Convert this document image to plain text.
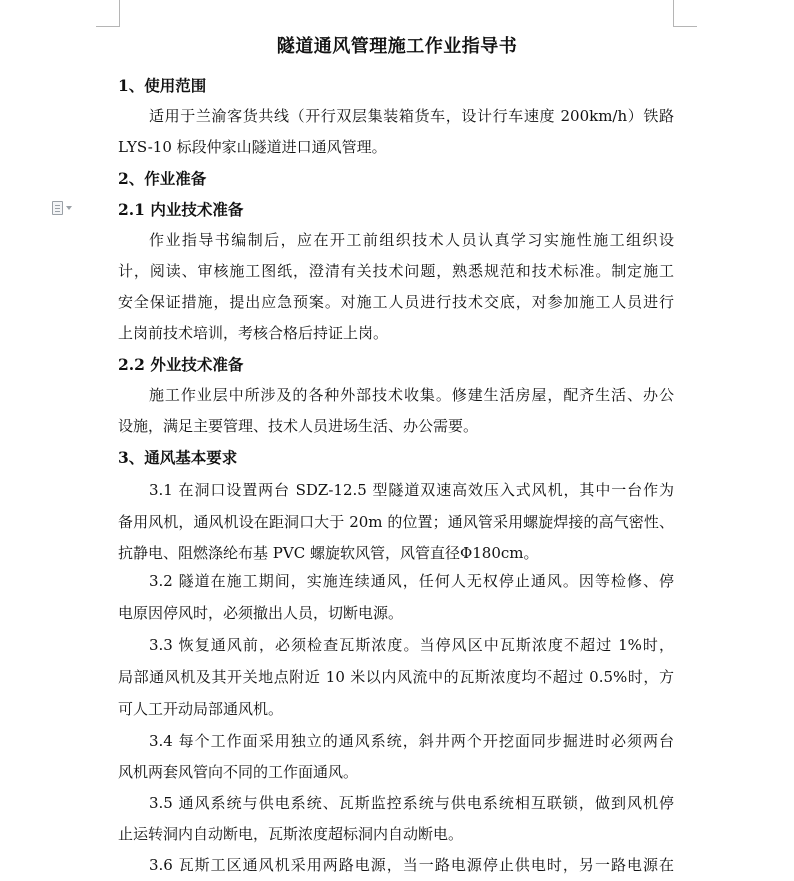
隧道通风管理施工作业指导书
1、使用范围
适用于兰渝客货共线（开行双层集装箱货车，设计行车速度 200km/h）铁路
LYS-10 标段仲家山隧道进口通风管理。
2、作业准备
2.1 内业技术准备
作业指导书编制后，应在开工前组织技术人员认真学习实施性施工组织设
计，阅读、审核施工图纸，澄清有关技术问题，熟悉规范和技术标准。制定施工
安全保证措施，提出应急预案。对施工人员进行技术交底，对参加施工人员进行
上岗前技术培训，考核合格后持证上岗。
2.2 外业技术准备
施工作业层中所涉及的各种外部技术收集。修建生活房屋，配齐生活、办公
设施，满足主要管理、技术人员进场生活、办公需要。
3、通风基本要求
3.1 在洞口设置两台 SDZ-12.5 型隧道双速高效压入式风机，其中一台作为
备用风机，通风机设在距洞口大于 20m 的位置；通风管采用螺旋焊接的高气密性、
抗静电、阻燃涤纶布基 PVC 螺旋软风管，风管直径Φ180cm。
3.2 隧道在施工期间，实施连续通风，任何人无权停止通风。因等检修、停
电原因停风时，必须撤出人员，切断电源。
3.3 恢复通风前，必须检查瓦斯浓度。当停风区中瓦斯浓度不超过 1%时，
局部通风机及其开关地点附近 10 米以内风流中的瓦斯浓度均不超过 0.5%时，方
可人工开动局部通风机。
3.4 每个工作面采用独立的通风系统，斜井两个开挖面同步掘进时必须两台
风机两套风管向不同的工作面通风。
3.5 通风系统与供电系统、瓦斯监控系统与供电系统相互联锁，做到风机停
止运转洞内自动断电，瓦斯浓度超标洞内自动断电。
3.6 瓦斯工区通风机采用两路电源，当一路电源停止供电时，另一路电源在
